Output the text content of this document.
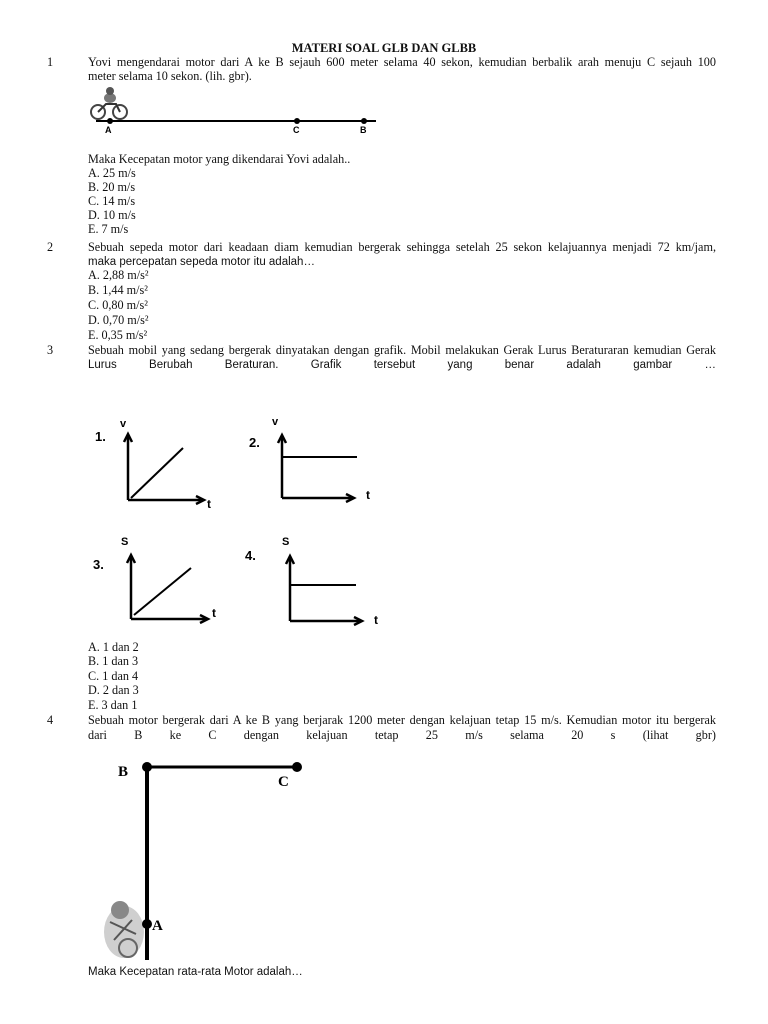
MATERI SOAL GLB DAN GLBB
1	Yovi mengendarai motor dari A ke B sejauh 600 meter selama 40 sekon, kemudian berbalik arah menuju C sejauh 100
meter selama 10 sekon. (lih. gbr).
A	C	B
Maka Kecepatan motor yang dikendarai Yovi adalah..
A. 25 m/s
B. 20 m/s
C. 14 m/s
D. 10 m/s
E. 7 m/s
2	Sebuah sepeda motor dari keadaan diam kemudian bergerak sehingga setelah 25 sekon kelajuannya menjadi 72 km/jam,
maka percepatan sepeda motor itu adalah…
A. 2,88 m/s²
B. 1,44 m/s²
C. 0,80 m/s²
D. 0,70 m/s²
E. 0,35 m/s²
3	Sebuah mobil yang sedang bergerak dinyatakan dengan grafik. Mobil melakukan Gerak Lurus Beraturaran kemudian Gerak
Lurus Berubah Beraturan. Grafik tersebut yang benar adalah gambar …
1.
v
t
2.
v
t
3.
S
t
4.
S
t
A. 1 dan 2
B. 1 dan 3
C. 1 dan 4
D. 2 dan 3
E. 3 dan 1
4	Sebuah motor bergerak dari A ke B yang berjarak 1200 meter dengan kelajuan tetap 15 m/s. Kemudian motor itu bergerak
dari B ke C dengan kelajuan tetap 25 m/s selama 20 s (lihat gbr)
B
C
A
Maka Kecepatan rata-rata Motor adalah…
